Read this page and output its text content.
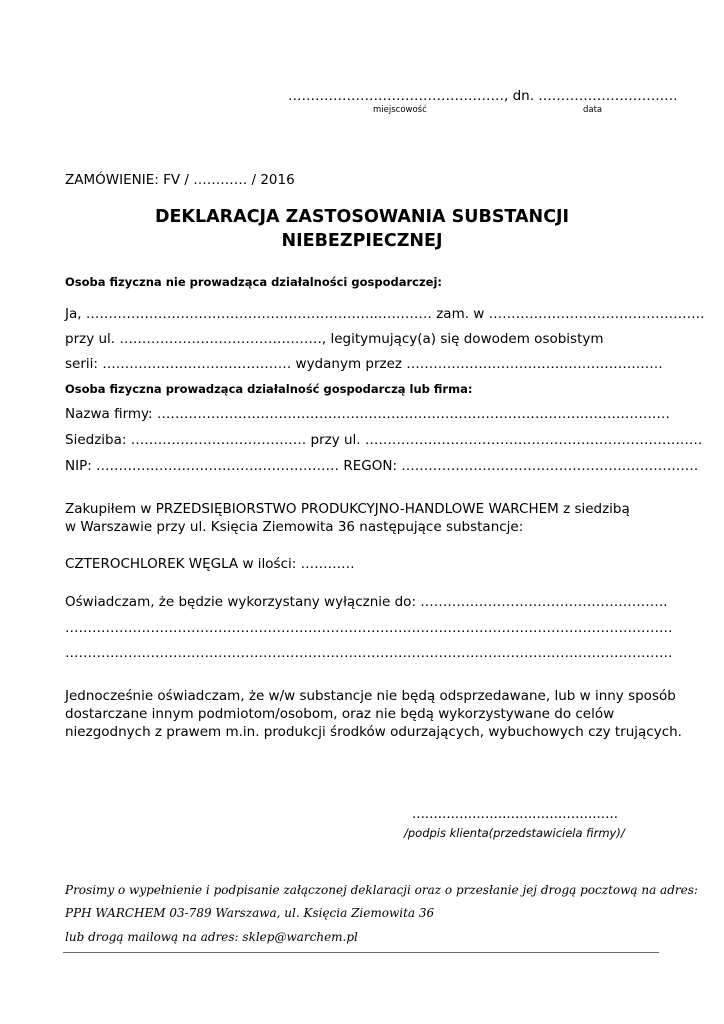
…………………………………………, dn. ……………………….…
miejscowość	data
ZAMÓWIENIE: FV / ………… / 2016
DEKLARACJA ZASTOSOWANIA SUBSTANCJI
NIEBEZPIECZNEJ
Osoba fizyczna nie prowadząca działalności gospodarczej:
Ja, ………………………………………………………..………… zam. w …………………………………………
przy ul. ………………………………………, legitymujący(a) się dowodem osobistym
serii: …………………………………… wydanym przez …………………………………………………
Osoba fizyczna prowadząca działalność gospodarczą lub firma:
Nazwa firmy: ……………………………………………………………………………………………………
Siedziba: ………………………………… przy ul. …………………………………………………………………
NIP: ……………………………………………… REGON: …………………………………………………………
Zakupiłem w PRZEDSIĘBIORSTWO PRODUKCYJNO-HANDLOWE WARCHEM z siedzibą
w Warszawie przy ul. Księcia Ziemowita 36 następujące substancje:
CZTEROCHLOREK WĘGLA w ilości: …………
Oświadczam, że będzie wykorzystany wyłącznie do: ……………………………………………….
………………………………………………………………………………………………………………………
………………………………………………………………………………………………………………………
Jednocześnie oświadczam, że w/w substancje nie będą odsprzedawane, lub w inny sposób
dostarczane innym podmiotom/osobom, oraz nie będą wykorzystywane do celów
niezgodnych z prawem m.in. produkcji środków odurzających, wybuchowych czy trujących.
................................................
/podpis klienta(przedstawiciela firmy)/
Prosimy o wypełnienie i podpisanie załączonej deklaracji oraz o przesłanie jej drogą pocztową na adres:
PPH WARCHEM 03-789 Warszawa, ul. Księcia Ziemowita 36
lub drogą mailową na adres: sklep@warchem.pl
